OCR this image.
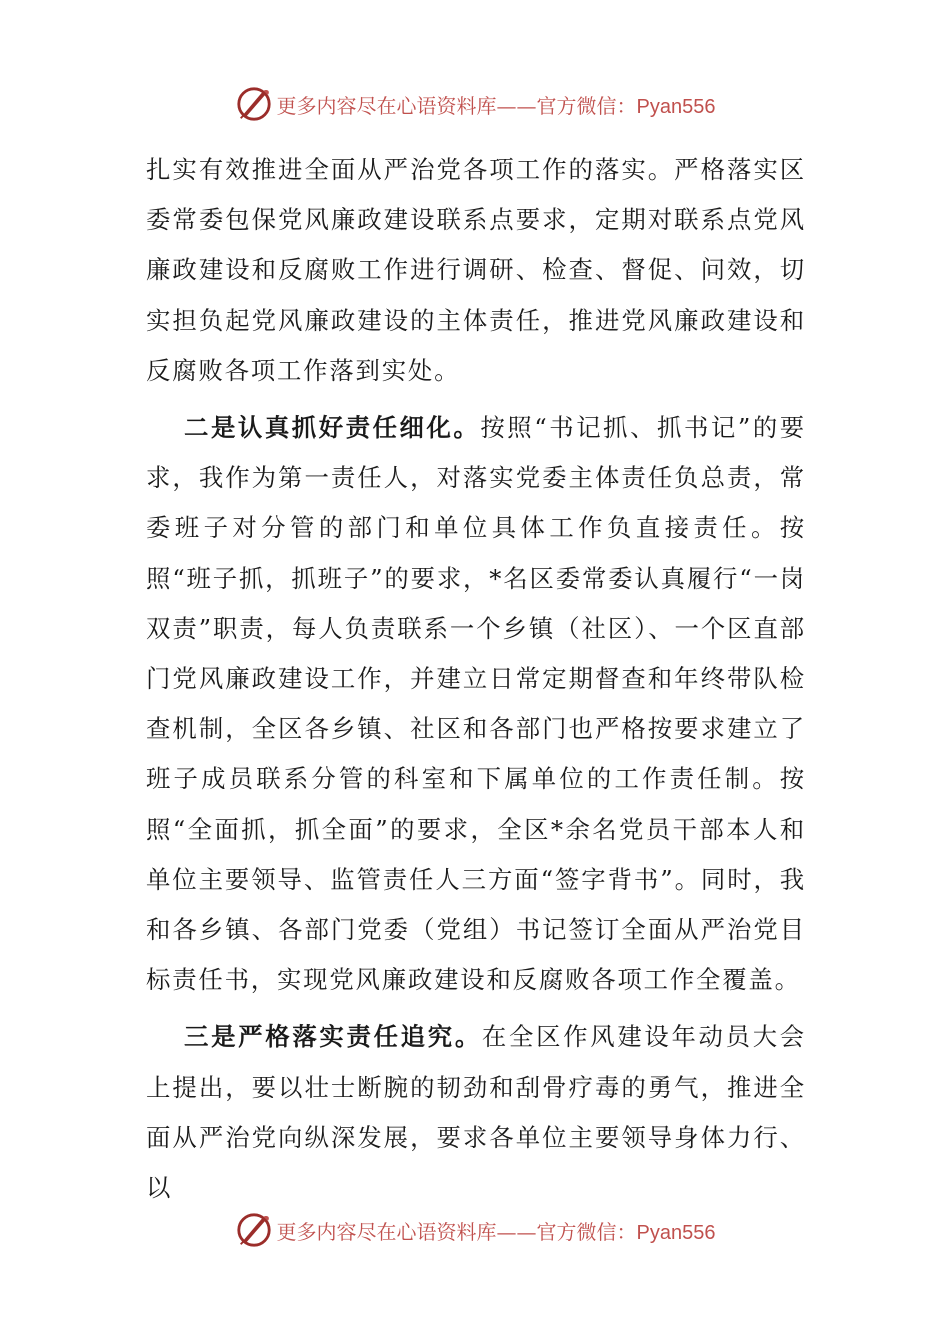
更多内容尽在心语资料库——官方微信：Pyan556

扎实有效推进全面从严治党各项工作的落实。严格落实区委常委包保党风廉政建设联系点要求，定期对联系点党风廉政建设和反腐败工作进行调研、检查、督促、问效，切实担负起党风廉政建设的主体责任，推进党风廉政建设和反腐败各项工作落到实处。

二是认真抓好责任细化。按照“书记抓、抓书记”的要求，我作为第一责任人，对落实党委主体责任负总责，常委班子对分管的部门和单位具体工作负直接责任。按照“班子抓，抓班子”的要求，*名区委常委认真履行“一岗双责”职责，每人负责联系一个乡镇（社区）、一个区直部门党风廉政建设工作，并建立日常定期督查和年终带队检查机制，全区各乡镇、社区和各部门也严格按要求建立了班子成员联系分管的科室和下属单位的工作责任制。按照“全面抓，抓全面”的要求，全区*余名党员干部本人和单位主要领导、监管责任人三方面“签字背书”。同时，我和各乡镇、各部门党委（党组）书记签订全面从严治党目标责任书，实现党风廉政建设和反腐败各项工作全覆盖。

三是严格落实责任追究。在全区作风建设年动员大会上提出，要以壮士断腕的韧劲和刮骨疗毒的勇气，推进全面从严治党向纵深发展，要求各单位主要领导身体力行、以

更多内容尽在心语资料库——官方微信：Pyan556
